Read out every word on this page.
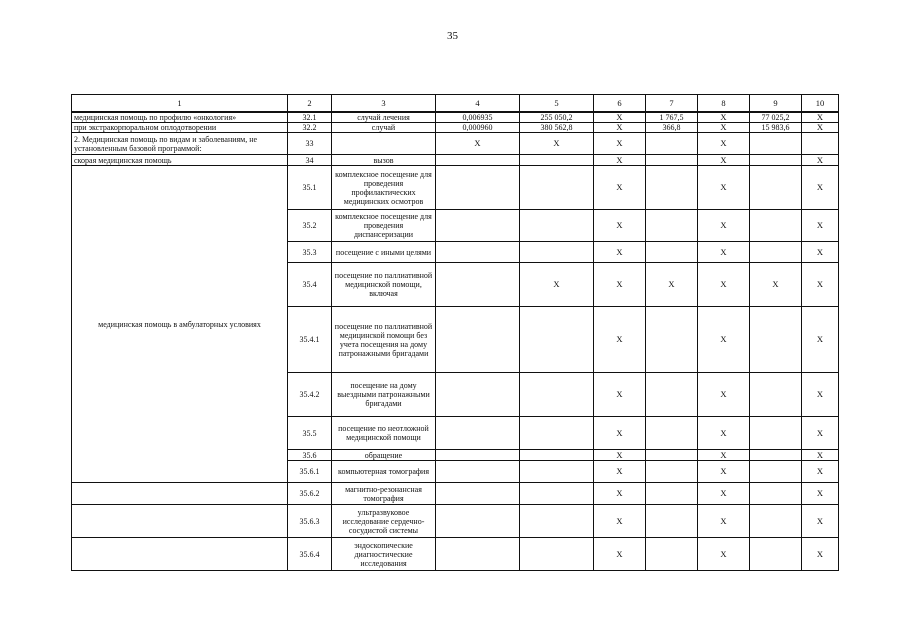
35
1	2	3	4	5	6	7	8	9	10
медицинская помощь по профилю «онкология»	32.1	случай лечения	0,006935	255 050,2	Х	1 767,5	Х	77 025,2	Х
при экстракорпоральном оплодотворении	32.2	случай	0,000960	380 562,8	Х	366,8	Х	15 983,6	Х
2. Медицинская помощь по видам и заболеваниям, не установленным базовой программой:	33		Х	Х	Х		Х		
скорая медицинская помощь	34	вызов			Х		Х		Х
медицинская помощь в амбулаторных условиях	35.1	комплексное посещение для проведения профилактических медицинских осмотров			Х		Х		Х
	35.2	комплексное посещение для проведения диспансеризации			Х		Х		Х
	35.3	посещение с иными целями			Х		Х		Х
	35.4	посещение по паллиативной медицинской помощи, включая		Х	Х	Х	Х	Х	Х
	35.4.1	посещение по паллиативной медицинской помощи без учета посещения на дому патронажными бригадами			Х		Х		Х
	35.4.2	посещение на дому выездными патронажными бригадами			Х		Х		Х
	35.5	посещение по неотложной медицинской помощи			Х		Х		Х
	35.6	обращение			Х		Х		Х
	35.6.1	компьютерная томография			Х		Х		Х
	35.6.2	магнитно-резонансная томография			Х		Х		Х
	35.6.3	ультразвуковое исследование сердечно-сосудистой системы			Х		Х		Х
	35.6.4	эндоскопические диагностические исследования			Х		Х		Х
